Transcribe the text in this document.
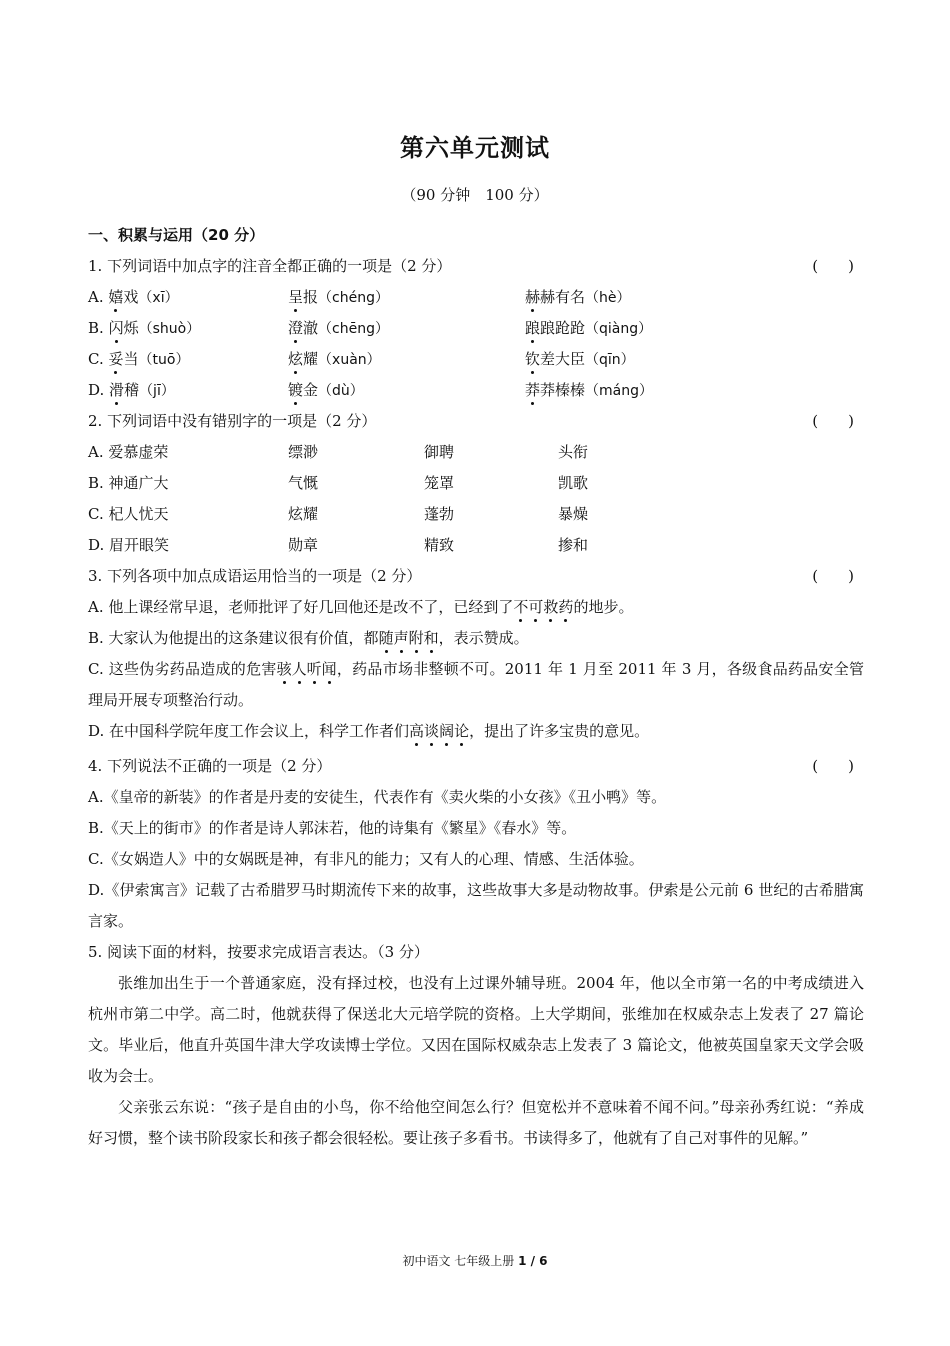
第六单元测试
（90 分钟　100 分）
一、积累与运用（20 分）
1. 下列词语中加点字的注音全都正确的一项是（2 分）	(　　)
A. 嬉戏（xī）	呈报（chéng）	赫赫有名（hè）
B. 闪烁（shuò）	澄澈（chēng）	踉踉跄跄（qiàng）
C. 妥当（tuō）	炫耀（xuàn）	钦差大臣（qīn）
D. 滑稽（jī）	镀金（dù）	莽莽榛榛（máng）
2. 下列词语中没有错别字的一项是（2 分）	(　　)
A. 爱慕虚荣	缥渺	御聘	头衔
B. 神通广大	气慨	笼罩	凯歌
C. 杞人忧天	炫耀	蓬勃	暴燥
D. 眉开眼笑	勋章	精致	掺和
3. 下列各项中加点成语运用恰当的一项是（2 分）	(　　)
A. 他上课经常早退，老师批评了好几回他还是改不了，已经到了不可救药的地步。
B. 大家认为他提出的这条建议很有价值，都随声附和，表示赞成。
C. 这些伪劣药品造成的危害骇人听闻，药品市场非整顿不可。2011 年 1 月至 2011 年 3 月，各级食品药品安全管理局开展专项整治行动。
D. 在中国科学院年度工作会议上，科学工作者们高谈阔论，提出了许多宝贵的意见。
4. 下列说法不正确的一项是（2 分）	(　　)
A.《皇帝的新装》的作者是丹麦的安徒生，代表作有《卖火柴的小女孩》《丑小鸭》等。
B.《天上的街市》的作者是诗人郭沫若，他的诗集有《繁星》《春水》等。
C.《女娲造人》中的女娲既是神，有非凡的能力；又有人的心理、情感、生活体验。
D.《伊索寓言》记载了古希腊罗马时期流传下来的故事，这些故事大多是动物故事。伊索是公元前 6 世纪的古希腊寓言家。
5. 阅读下面的材料，按要求完成语言表达。（3 分）
张维加出生于一个普通家庭，没有择过校，也没有上过课外辅导班。2004 年，他以全市第一名的中考成绩进入杭州市第二中学。高二时，他就获得了保送北大元培学院的资格。上大学期间，张维加在权威杂志上发表了 27 篇论文。毕业后，他直升英国牛津大学攻读博士学位。又因在国际权威杂志上发表了 3 篇论文，他被英国皇家天文学会吸收为会士。
父亲张云东说：“孩子是自由的小鸟，你不给他空间怎么行？但宽松并不意味着不闻不问。”母亲孙秀红说：“养成好习惯，整个读书阶段家长和孩子都会很轻松。要让孩子多看书。书读得多了，他就有了自己对事件的见解。”
初中语文 七年级上册 1 / 6
